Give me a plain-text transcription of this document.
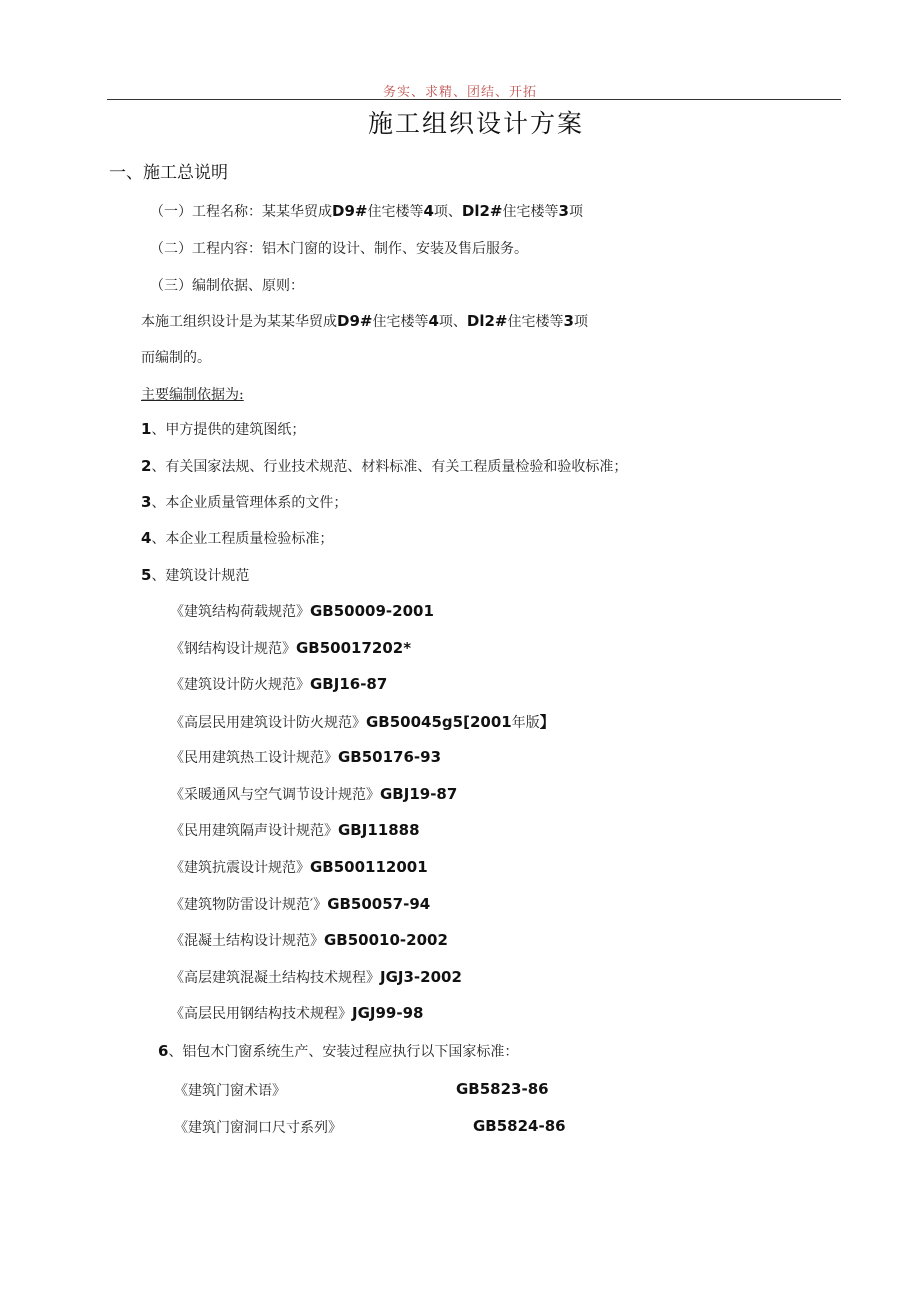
务实、求精、团结、开拓
施工组织设计方案
一、施工总说明
（一）工程名称：某某华贸成D9#住宅楼等4项、Dl2#住宅楼等3项
（二）工程内容：铝木门窗的设计、制作、安装及售后服务。
（三）编制依据、原则：
本施工组织设计是为某某华贸成D9#住宅楼等4项、Dl2#住宅楼等3项
而编制的。
主要编制依据为:
1、甲方提供的建筑图纸；
2、有关国家法规、行业技术规范、材料标准、有关工程质量检验和验收标准；
3、本企业质量管理体系的文件；
4、本企业工程质量检验标准；
5、建筑设计规范
《建筑结构荷载规范》GB50009-2001
《钢结构设计规范》GB50017202*
《建筑设计防火规范》GBJ16-87
《高层民用建筑设计防火规范》GB50045g5[2001年版】
《民用建筑热工设计规范》GB50176-93
《采暖通风与空气调节设计规范》GBJ19-87
《民用建筑隔声设计规范》GBJ11888
《建筑抗震设计规范》GB500112001
《建筑物防雷设计规范′》GB50057-94
《混凝土结构设计规范》GB50010-2002
《高层建筑混凝土结构技术规程》JGJ3-2002
《高层民用钢结构技术规程》JGJ99-98
6、铝包木门窗系统生产、安装过程应执行以下国家标准：
《建筑门窗术语》	GB5823-86
《建筑门窗洞口尺寸系列》	GB5824-86
